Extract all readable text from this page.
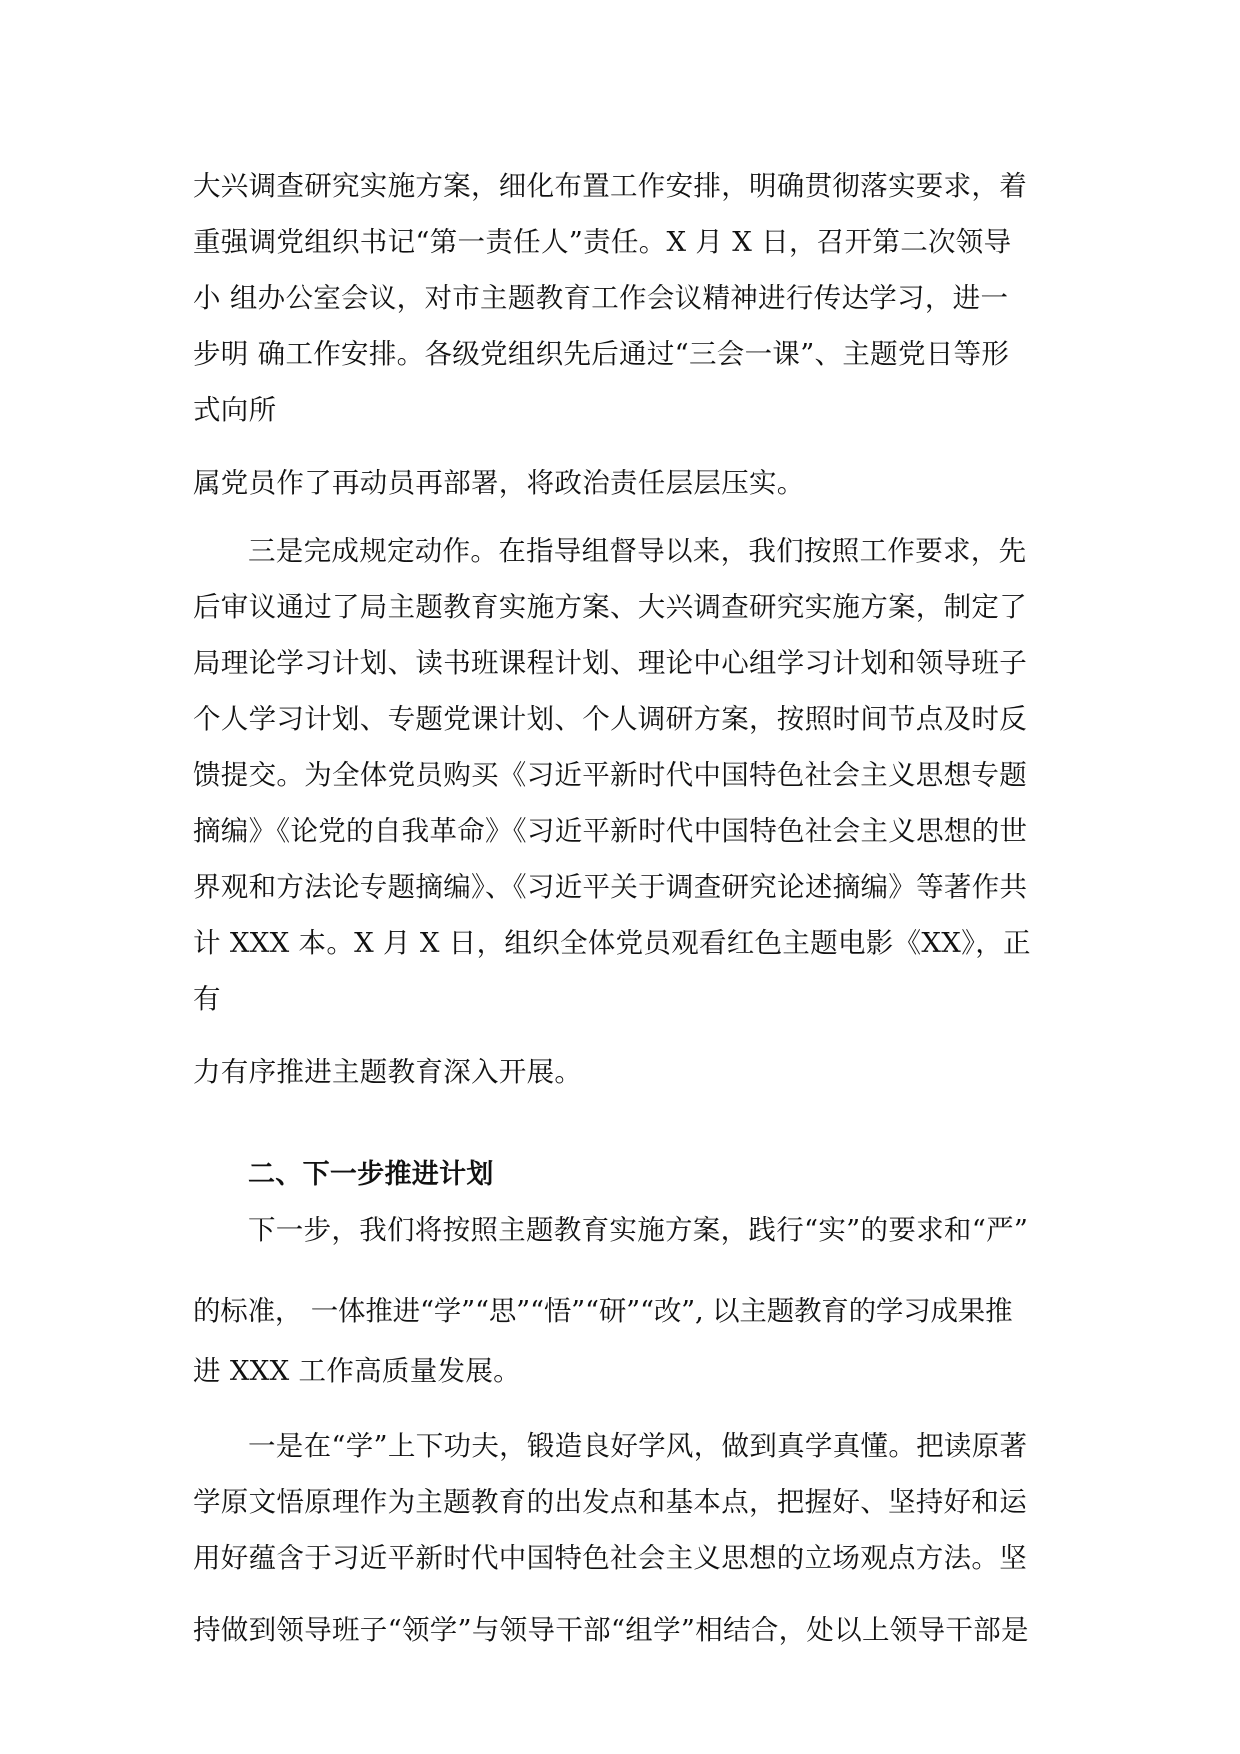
大兴调查研究实施方案，细化布置工作安排，明确贯彻落实要求，着

重强调党组织书记“第一责任人”责任。X 月 X 日，召开第二次领导

小 组办公室会议，对市主题教育工作会议精神进行传达学习，进一

步明 确工作安排。各级党组织先后通过“三会一课”、主题党日等形

式向所

属党员作了再动员再部署，将政治责任层层压实。

三是完成规定动作。在指导组督导以来，我们按照工作要求，先

后审议通过了局主题教育实施方案、大兴调查研究实施方案，制定了

局理论学习计划、读书班课程计划、理论中心组学习计划和领导班子

个人学习计划、专题党课计划、个人调研方案，按照时间节点及时反

馈提交。为全体党员购买《习近平新时代中国特色社会主义思想专题

摘编》《论党的自我革命》《习近平新时代中国特色社会主义思想的世

界观和方法论专题摘编》、《习近平关于调查研究论述摘编》等著作共

计 XXX 本。X 月 X 日，组织全体党员观看红色主题电影《XX》，正

有

力有序推进主题教育深入开展。

二、下一步推进计划

下一步，我们将按照主题教育实施方案，践行“实”的要求和“严”

的标准， 一体推进“学”“思”“悟”“研”“改”, 以主题教育的学习成果推

进 XXX 工作高质量发展。

一是在“学”上下功夫，锻造良好学风，做到真学真懂。把读原著

学原文悟原理作为主题教育的出发点和基本点，把握好、坚持好和运

用好蕴含于习近平新时代中国特色社会主义思想的立场观点方法。坚

持做到领导班子“领学”与领导干部“组学”相结合，处以上领导干部是
